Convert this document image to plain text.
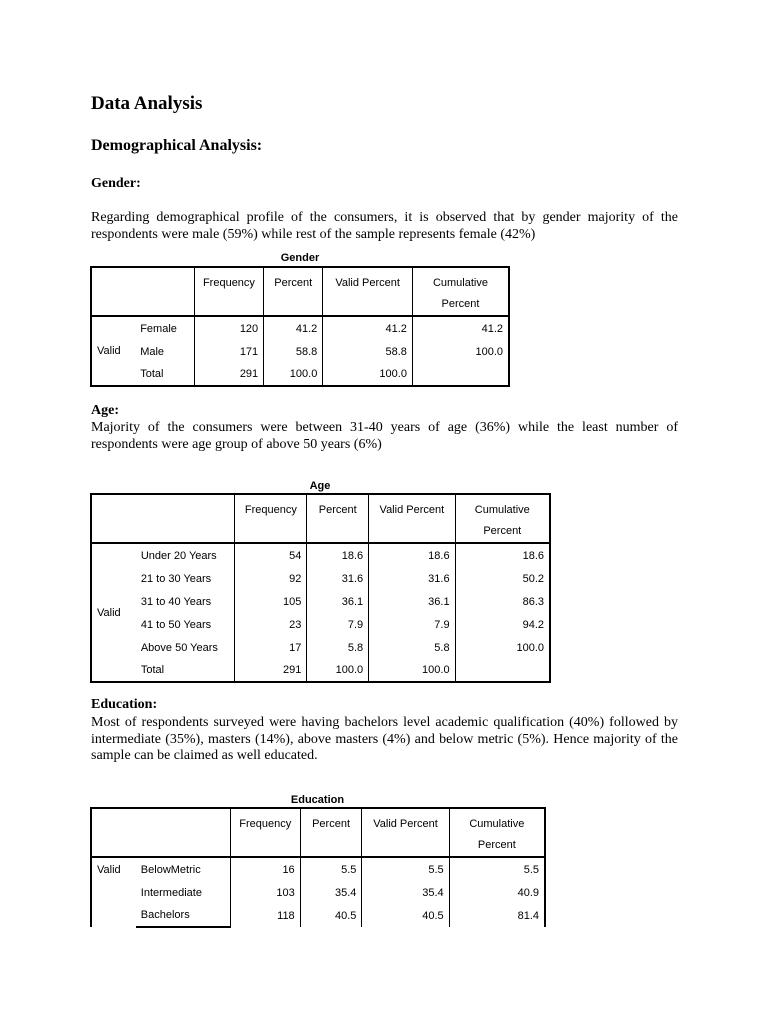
Data Analysis
Demographical Analysis:
Gender:
Regarding demographical profile of the consumers, it is observed that by gender majority of the respondents were male (59%) while rest of the sample represents female (42%)
Gender
		Frequency	Percent	Valid Percent	Cumulative Percent
Valid	Female	120	41.2	41.2	41.2
	Male	171	58.8	58.8	100.0
	Total	291	100.0	100.0	
Age:
Majority of the consumers were between 31-40 years of age (36%) while the least number of respondents were age group of above 50 years (6%)
Age
		Frequency	Percent	Valid Percent	Cumulative Percent
Valid	Under 20 Years	54	18.6	18.6	18.6
	21 to 30 Years	92	31.6	31.6	50.2
	31 to 40 Years	105	36.1	36.1	86.3
	41 to 50 Years	23	7.9	7.9	94.2
	Above 50 Years	17	5.8	5.8	100.0
	Total	291	100.0	100.0	
Education:
Most of respondents surveyed were having bachelors level academic qualification (40%) followed by intermediate (35%), masters (14%), above masters (4%) and below metric (5%). Hence majority of the sample can be claimed as well educated.
Education
		Frequency	Percent	Valid Percent	Cumulative Percent
Valid	BelowMetric	16	5.5	5.5	5.5
	Intermediate	103	35.4	35.4	40.9
	Bachelors	118	40.5	40.5	81.4
